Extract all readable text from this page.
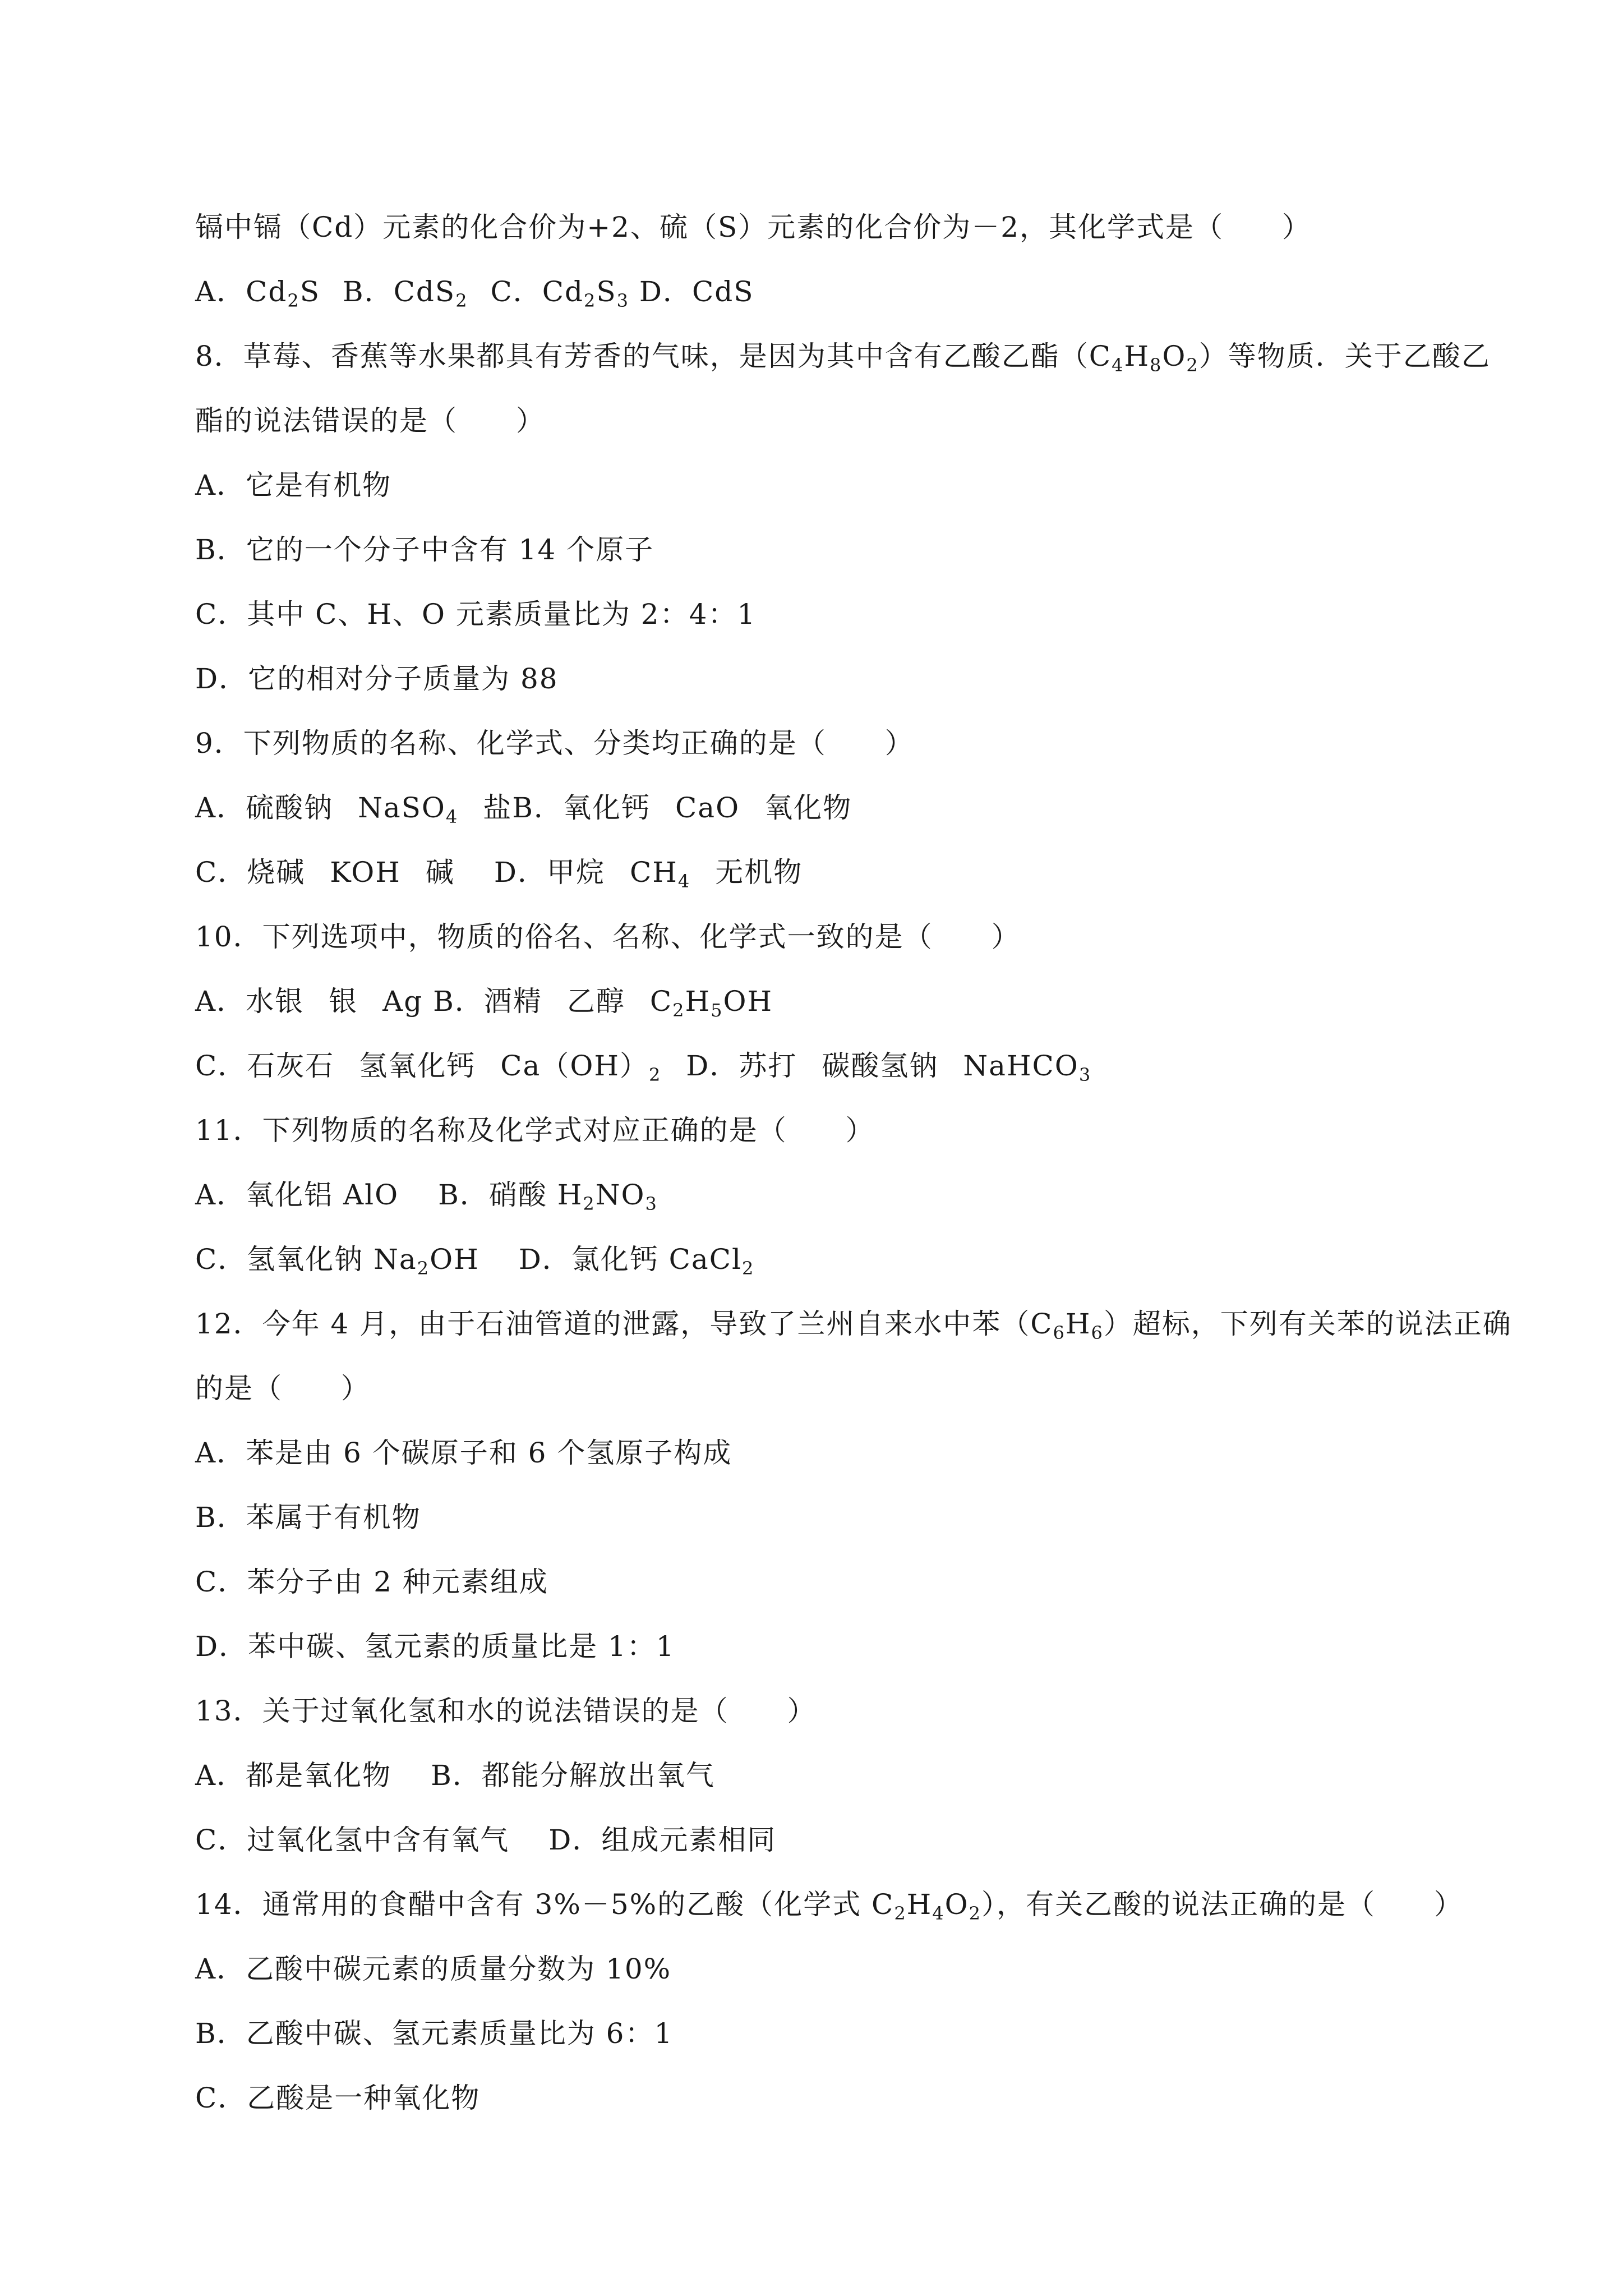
镉中镉（Cd）元素的化合价为+2、硫（S）元素的化合价为－2，其化学式是（　　）
A．$Cd_2S$ B．CdS$_2$ C．$Cd_2S_3$ D．CdS
8．草莓、香蕉等水果都具有芳香的气味，是因为其中含有乙酸乙酯$(C_4H_8O_2)$等物质．关于乙酸乙
酯的说法错误的是（　　）
A．它是有机物
B．它的一个分子中含有 14 个原子
C．其中 C、H、O 元素质量比为 2：4：1
D．它的相对分子质量为 88
9．下列物质的名称、化学式、分类均正确的是（　　）
A．硫酸钠 NaSO$_4$ 盐B．氧化钙 CaO 氧化物
C．烧碱 KOH 碱 D．甲烷 $CH_4$ 无机物
10．下列选项中，物质的俗名、名称、化学式一致的是（　　）
A．水银 银 Ag B．酒精 乙醇 $C_2H_5OH$
C．石灰石 氢氧化钙 $Ca(OH)_2$ D．苏打 碳酸氢钠 NaHCO$_3$
11．下列物质的名称及化学式对应正确的是（　　）
A．氧化铝 AlO B．硝酸 $H_2NO_3$
C．氢氧化钠 $Na_2OH$ D．氯化钙 CaCl$_2$
12．今年 4 月，由于石油管道的泄露，导致了兰州自来水中苯$(C_6H_6)$超标，下列有关苯的说法正确
的是（　　）
A．苯是由 6 个碳原子和 6 个氢原子构成
B．苯属于有机物
C．苯分子由 2 种元素组成
D．苯中碳、氢元素的质量比是 1：1
13．关于过氧化氢和水的说法错误的是（　　）
A．都是氧化物 B．都能分解放出氧气
C．过氧化氢中含有氧气 D．组成元素相同
14．通常用的食醋中含有 3%－5%的乙酸（化学式 $C_2H_4O_2$），有关乙酸的说法正确的是（　　）
A．乙酸中碳元素的质量分数为 10%
B．乙酸中碳、氢元素质量比为 6：1
C．乙酸是一种氧化物
